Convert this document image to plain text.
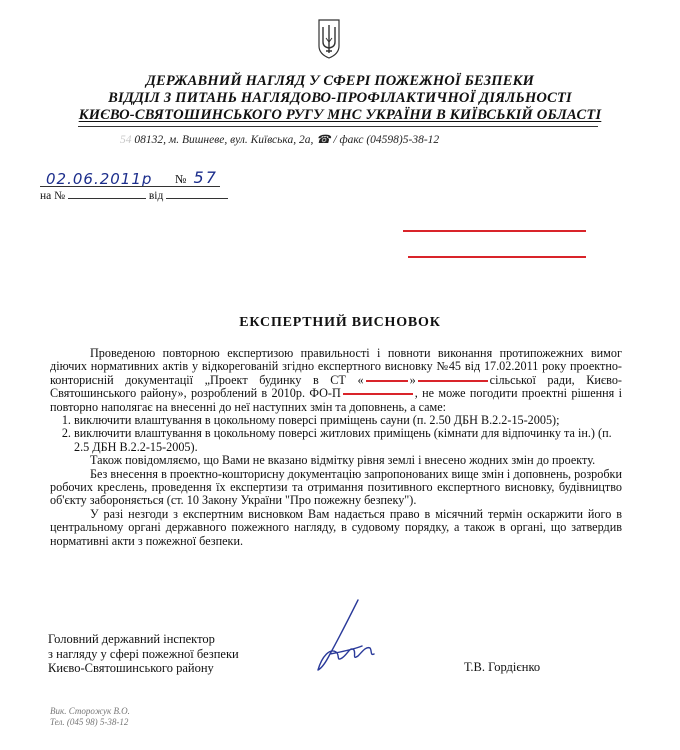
ДЕРЖАВНИЙ НАГЛЯД У СФЕРІ ПОЖЕЖНОЇ БЕЗПЕКИ
ВІДДІЛ З ПИТАНЬ НАГЛЯДОВО-ПРОФІЛАКТИЧНОЇ ДІЯЛЬНОСТІ
КИЄВО-СВЯТОШИНСЬКОГО РУГУ МНС УКРАЇНИ В КИЇВСЬКІЙ ОБЛАСТІ
54 08132, м. Вишневе, вул. Київська, 2а, ☎ / факс (04598)5-38-12
02.06.2011р № 57
на №	від
ЕКСПЕРТНИЙ ВИСНОВОК

Проведеною повторною експертизою правильності і повноти виконання протипожежних вимог діючих нормативних актів у відкорегованій згідно експертного висновку №45 від 17.02.2011 року проектно-конторисній документації „Проект будинку в СТ «	»	сільської ради, Києво-Святошинського району», розроблений в 2010р. ФО-П	, не може погодити проектні рішення і повторно наполягає на внесенні до неї наступних змін та доповнень, а саме:

1. виключити влаштування в цокольному поверсі приміщень сауни (п. 2.50 ДБН В.2.2-15-2005);
2. виключити влаштування в цокольному поверсі житлових приміщень (кімнати для відпочинку та ін.) (п. 2.5 ДБН В.2.2-15-2005).

Також повідомляємо, що Вами не вказано відмітку рівня землі і внесено жодних змін до проекту.

Без внесення в проектно-кошторисну документацію запропонованих вище змін і доповнень, розробки робочих креслень, проведення їх експертизи та отримання позитивного експертного висновку, будівництво об'єкту забороняється (ст. 10 Закону України "Про пожежну безпеку").

У разі незгоди з експертним висновком Вам надається право в місячний термін оскаржити його в центральному органі державного пожежного нагляду, в судовому порядку, а також в органі, що затвердив нормативні акти з пожежної безпеки.

Головний державний інспектор
з нагляду у сфері пожежної безпеки
Києво-Святошинського району	Т.В. Гордієнко
Вик. Сторожук В.О.
Тел. (045 98) 5-38-12
